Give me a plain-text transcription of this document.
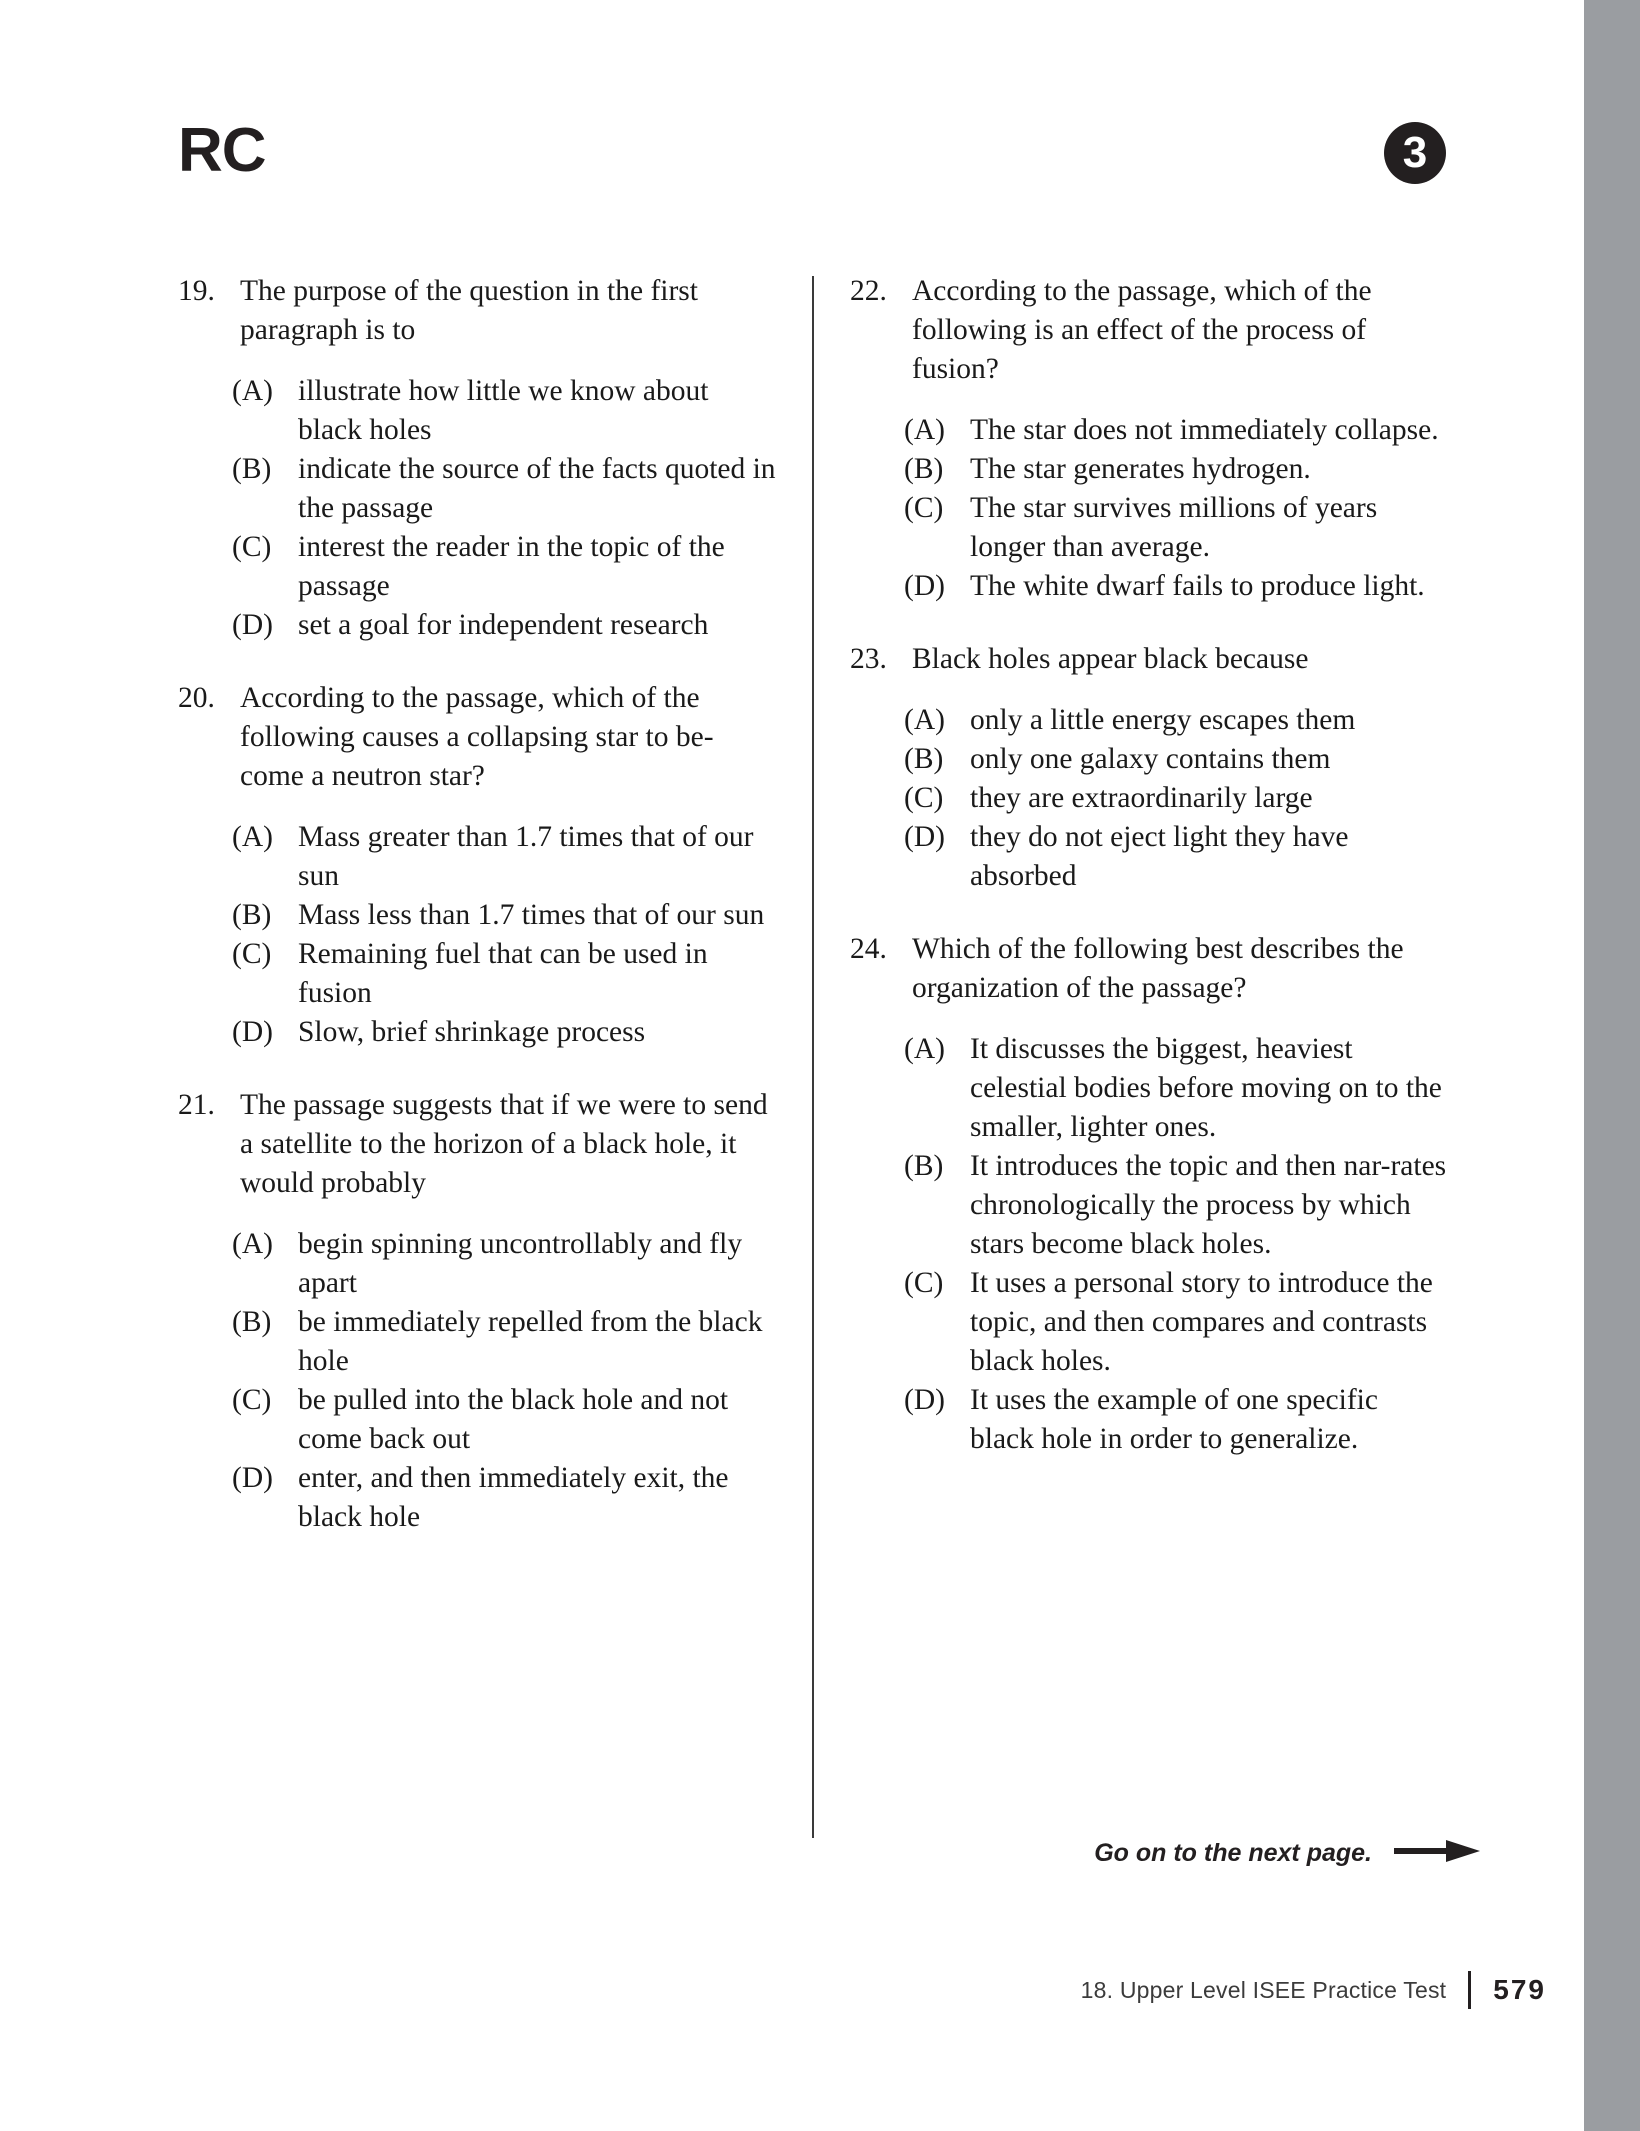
RC	3
19. The purpose of the question in the first paragraph is to
(A) illustrate how little we know about black holes
(B) indicate the source of the facts quoted in the passage
(C) interest the reader in the topic of the passage
(D) set a goal for independent research
20. According to the passage, which of the following causes a collapsing star to be-come a neutron star?
(A) Mass greater than 1.7 times that of our sun
(B) Mass less than 1.7 times that of our sun
(C) Remaining fuel that can be used in fusion
(D) Slow, brief shrinkage process
21. The passage suggests that if we were to send a satellite to the horizon of a black hole, it would probably
(A) begin spinning uncontrollably and fly apart
(B) be immediately repelled from the black hole
(C) be pulled into the black hole and not come back out
(D) enter, and then immediately exit, the black hole
22. According to the passage, which of the following is an effect of the process of fusion?
(A) The star does not immediately collapse.
(B) The star generates hydrogen.
(C) The star survives millions of years longer than average.
(D) The white dwarf fails to produce light.
23. Black holes appear black because
(A) only a little energy escapes them
(B) only one galaxy contains them
(C) they are extraordinarily large
(D) they do not eject light they have absorbed
24. Which of the following best describes the organization of the passage?
(A) It discusses the biggest, heaviest celestial bodies before moving on to the smaller, lighter ones.
(B) It introduces the topic and then nar-rates chronologically the process by which stars become black holes.
(C) It uses a personal story to introduce the topic, and then compares and contrasts black holes.
(D) It uses the example of one specific black hole in order to generalize.
Go on to the next page.
18. Upper Level ISEE Practice Test 579
